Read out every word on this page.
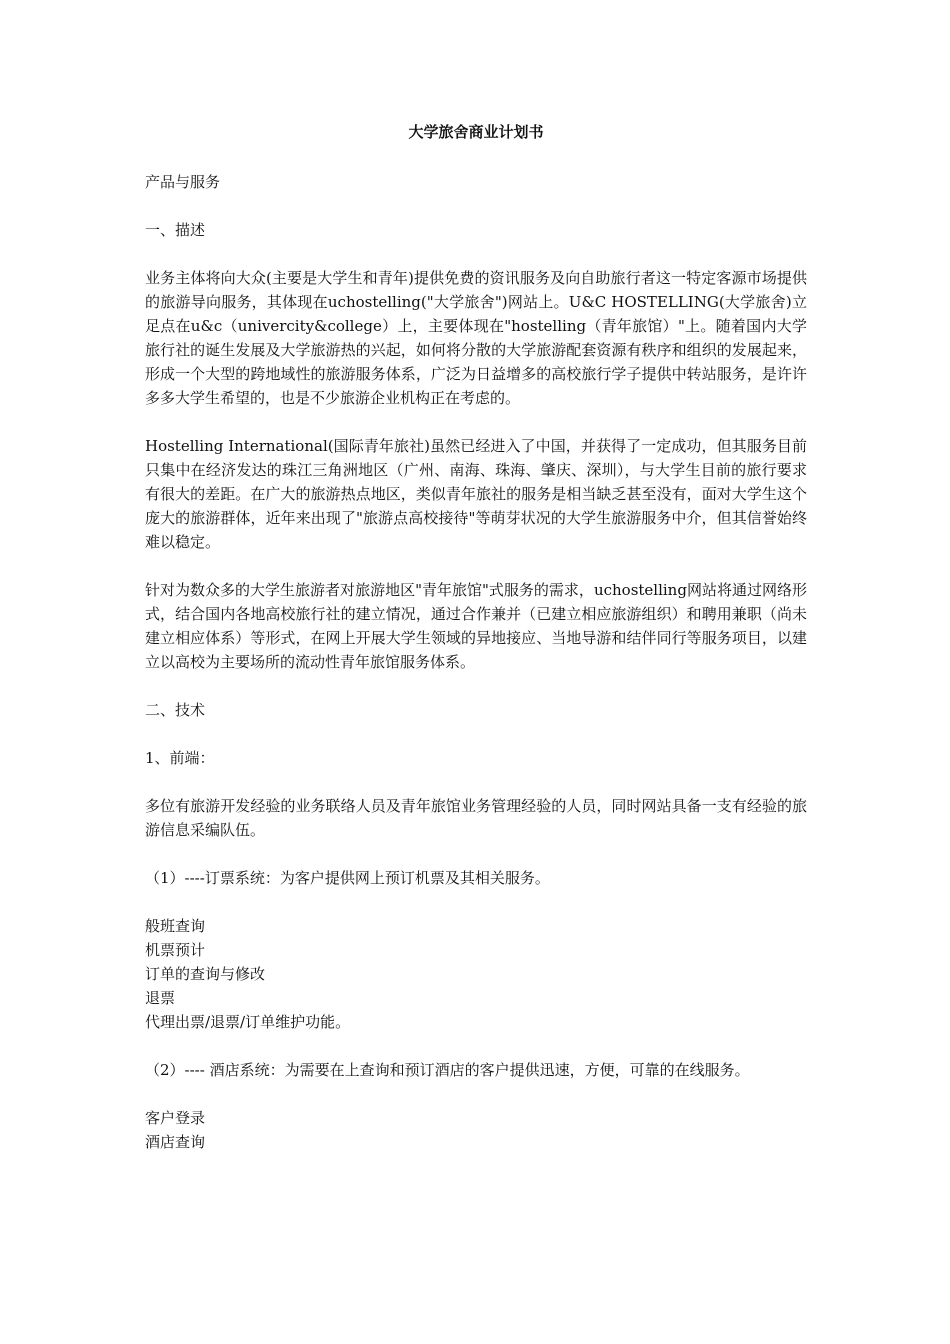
大学旅舍商业计划书

产品与服务

一、描述

业务主体将向大众(主要是大学生和青年)提供免费的资讯服务及向自助旅行者这一特定客源市场提供的旅游导向服务，其体现在uchostelling("大学旅舍")网站上。U&C HOSTELLING(大学旅舍)立足点在u&c（univercity&college）上，主要体现在"hostelling（青年旅馆）"上。随着国内大学旅行社的诞生发展及大学旅游热的兴起，如何将分散的大学旅游配套资源有秩序和组织的发展起来，形成一个大型的跨地域性的旅游服务体系，广泛为日益增多的高校旅行学子提供中转站服务，是许许多多大学生希望的，也是不少旅游企业机构正在考虑的。

Hostelling International(国际青年旅社)虽然已经进入了中国，并获得了一定成功，但其服务目前只集中在经济发达的珠江三角洲地区（广州、南海、珠海、肇庆、深圳），与大学生目前的旅行要求有很大的差距。在广大的旅游热点地区，类似青年旅社的服务是相当缺乏甚至没有，面对大学生这个庞大的旅游群体，近年来出现了"旅游点高校接待"等萌芽状况的大学生旅游服务中介，但其信誉始终难以稳定。

针对为数众多的大学生旅游者对旅游地区"青年旅馆"式服务的需求，uchostelling网站将通过网络形式，结合国内各地高校旅行社的建立情况，通过合作兼并（已建立相应旅游组织）和聘用兼职（尚未建立相应体系）等形式，在网上开展大学生领域的异地接应、当地导游和结伴同行等服务项目，以建立以高校为主要场所的流动性青年旅馆服务体系。

二、技术

1、前端：

多位有旅游开发经验的业务联络人员及青年旅馆业务管理经验的人员，同时网站具备一支有经验的旅游信息采编队伍。

（1）----订票系统：为客户提供网上预订机票及其相关服务。

般班查询
机票预计
订单的查询与修改
退票
代理出票/退票/订单维护功能。

（2）---- 酒店系统：为需要在上查询和预订酒店的客户提供迅速，方便，可靠的在线服务。

客户登录
酒店查询
